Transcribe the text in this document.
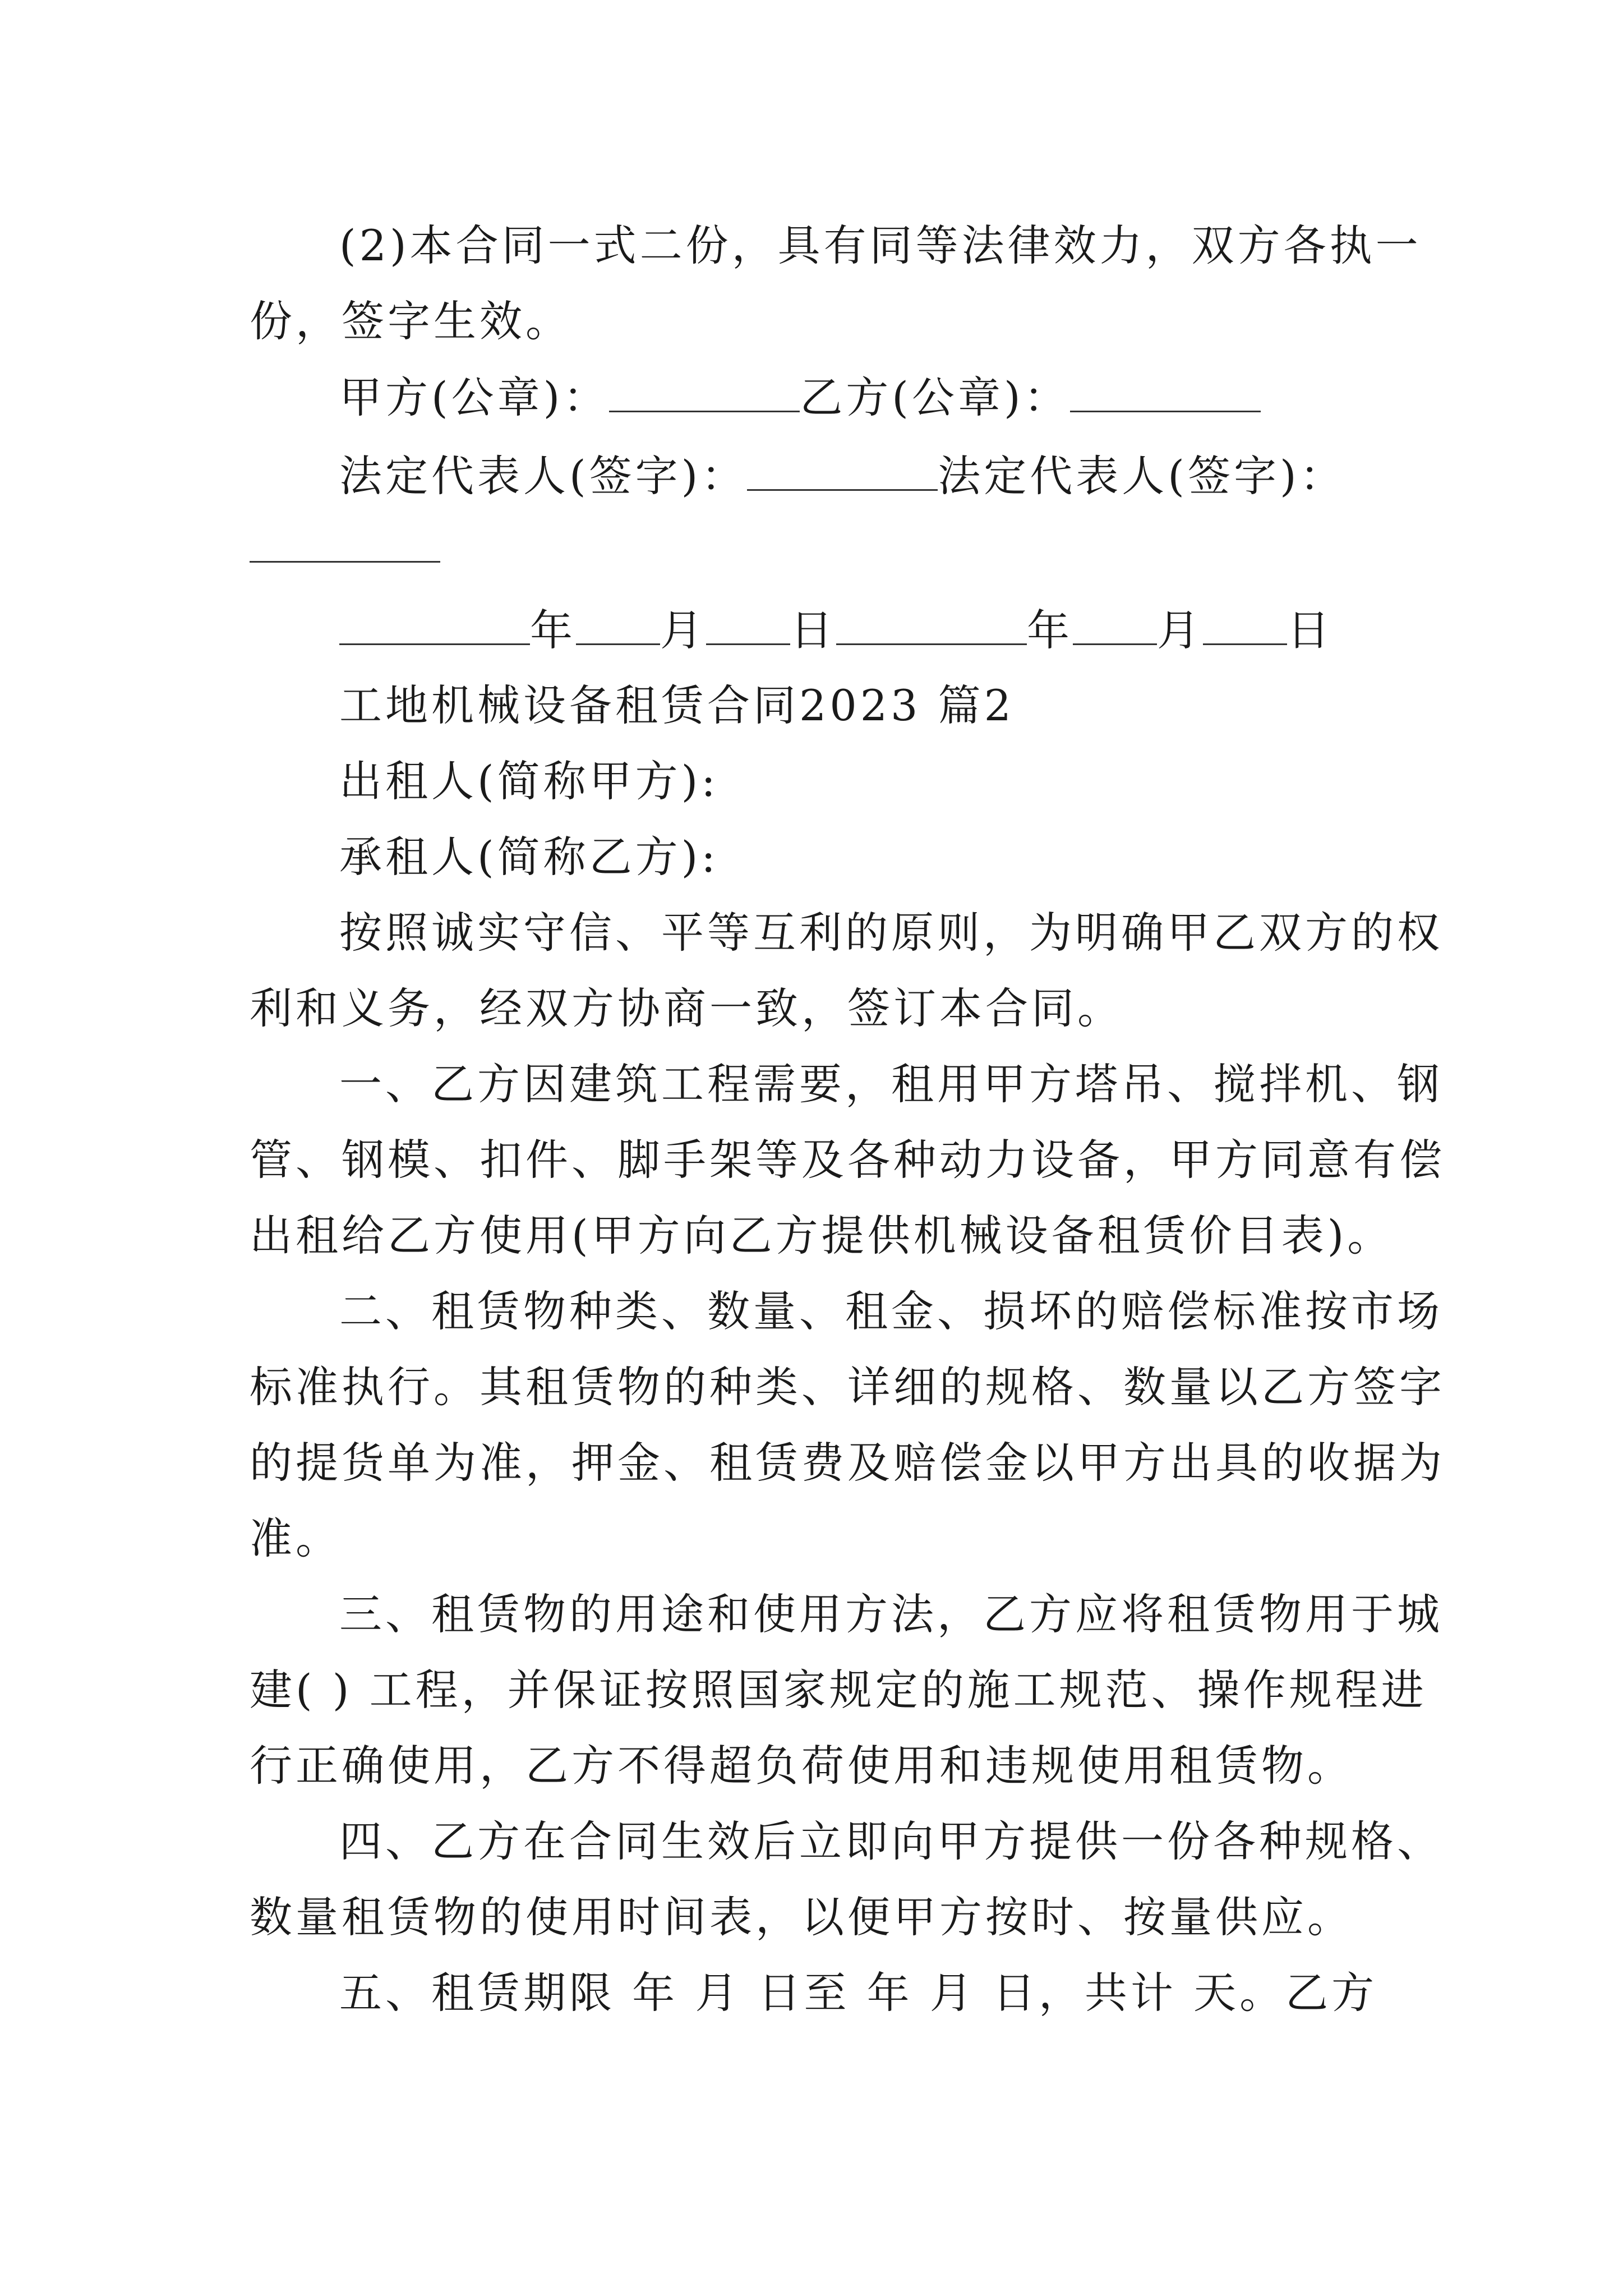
(2)本合同一式二份，具有同等法律效力，双方各执一
份，签字生效。
甲方(公章)：	乙方(公章)：
法定代表人(签字)：	法定代表人(签字)：
年 月 日	年 月 日
工地机械设备租赁合同2023 篇2
出租人(简称甲方):
承租人(简称乙方):
按照诚实守信、平等互利的原则，为明确甲乙双方的权
利和义务，经双方协商一致，签订本合同。
一、乙方因建筑工程需要，租用甲方塔吊、搅拌机、钢
管、钢模、扣件、脚手架等及各种动力设备，甲方同意有偿
出租给乙方使用(甲方向乙方提供机械设备租赁价目表)。
二、租赁物种类、数量、租金、损坏的赔偿标准按市场
标准执行。其租赁物的种类、详细的规格、数量以乙方签字
的提货单为准，押金、租赁费及赔偿金以甲方出具的收据为
准。
三、租赁物的用途和使用方法，乙方应将租赁物用于城
建( ) 工程，并保证按照国家规定的施工规范、操作规程进
行正确使用，乙方不得超负荷使用和违规使用租赁物。
四、乙方在合同生效后立即向甲方提供一份各种规格、
数量租赁物的使用时间表，以便甲方按时、按量供应。
五、租赁期限 年 月 日至 年 月 日，共计 天。乙方
